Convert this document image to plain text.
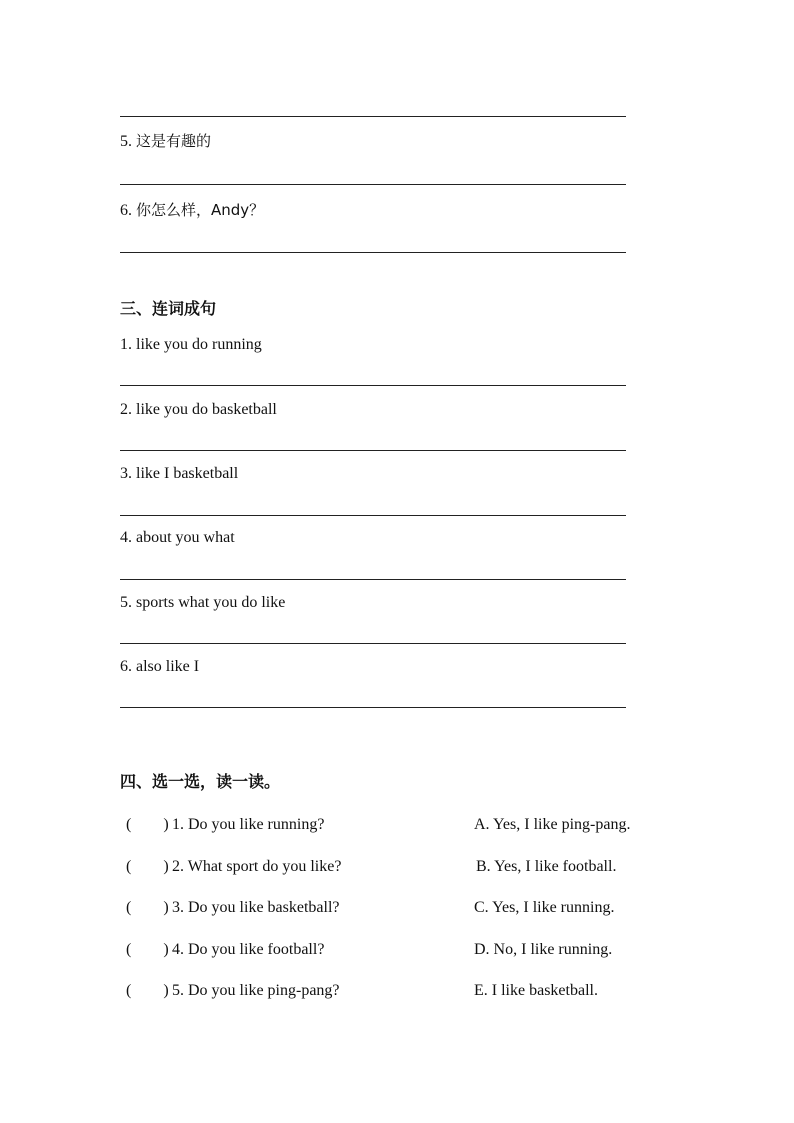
5. 这是有趣的
6. 你怎么样，Andy？
三、连词成句
1. like you do running
2. like you do basketball
3. like I basketball
4. about you what
5. sports what you do like
6. also like I
四、选一选，读一读。
(        ) 1. Do you like running?	A. Yes, I like ping-pang.
(        ) 2. What sport do you like?	B. Yes, I like football.
(        ) 3. Do you like basketball?	C. Yes, I like running.
(        ) 4. Do you like football?	D. No, I like running.
(        ) 5. Do you like ping-pang?	E. I like basketball.
